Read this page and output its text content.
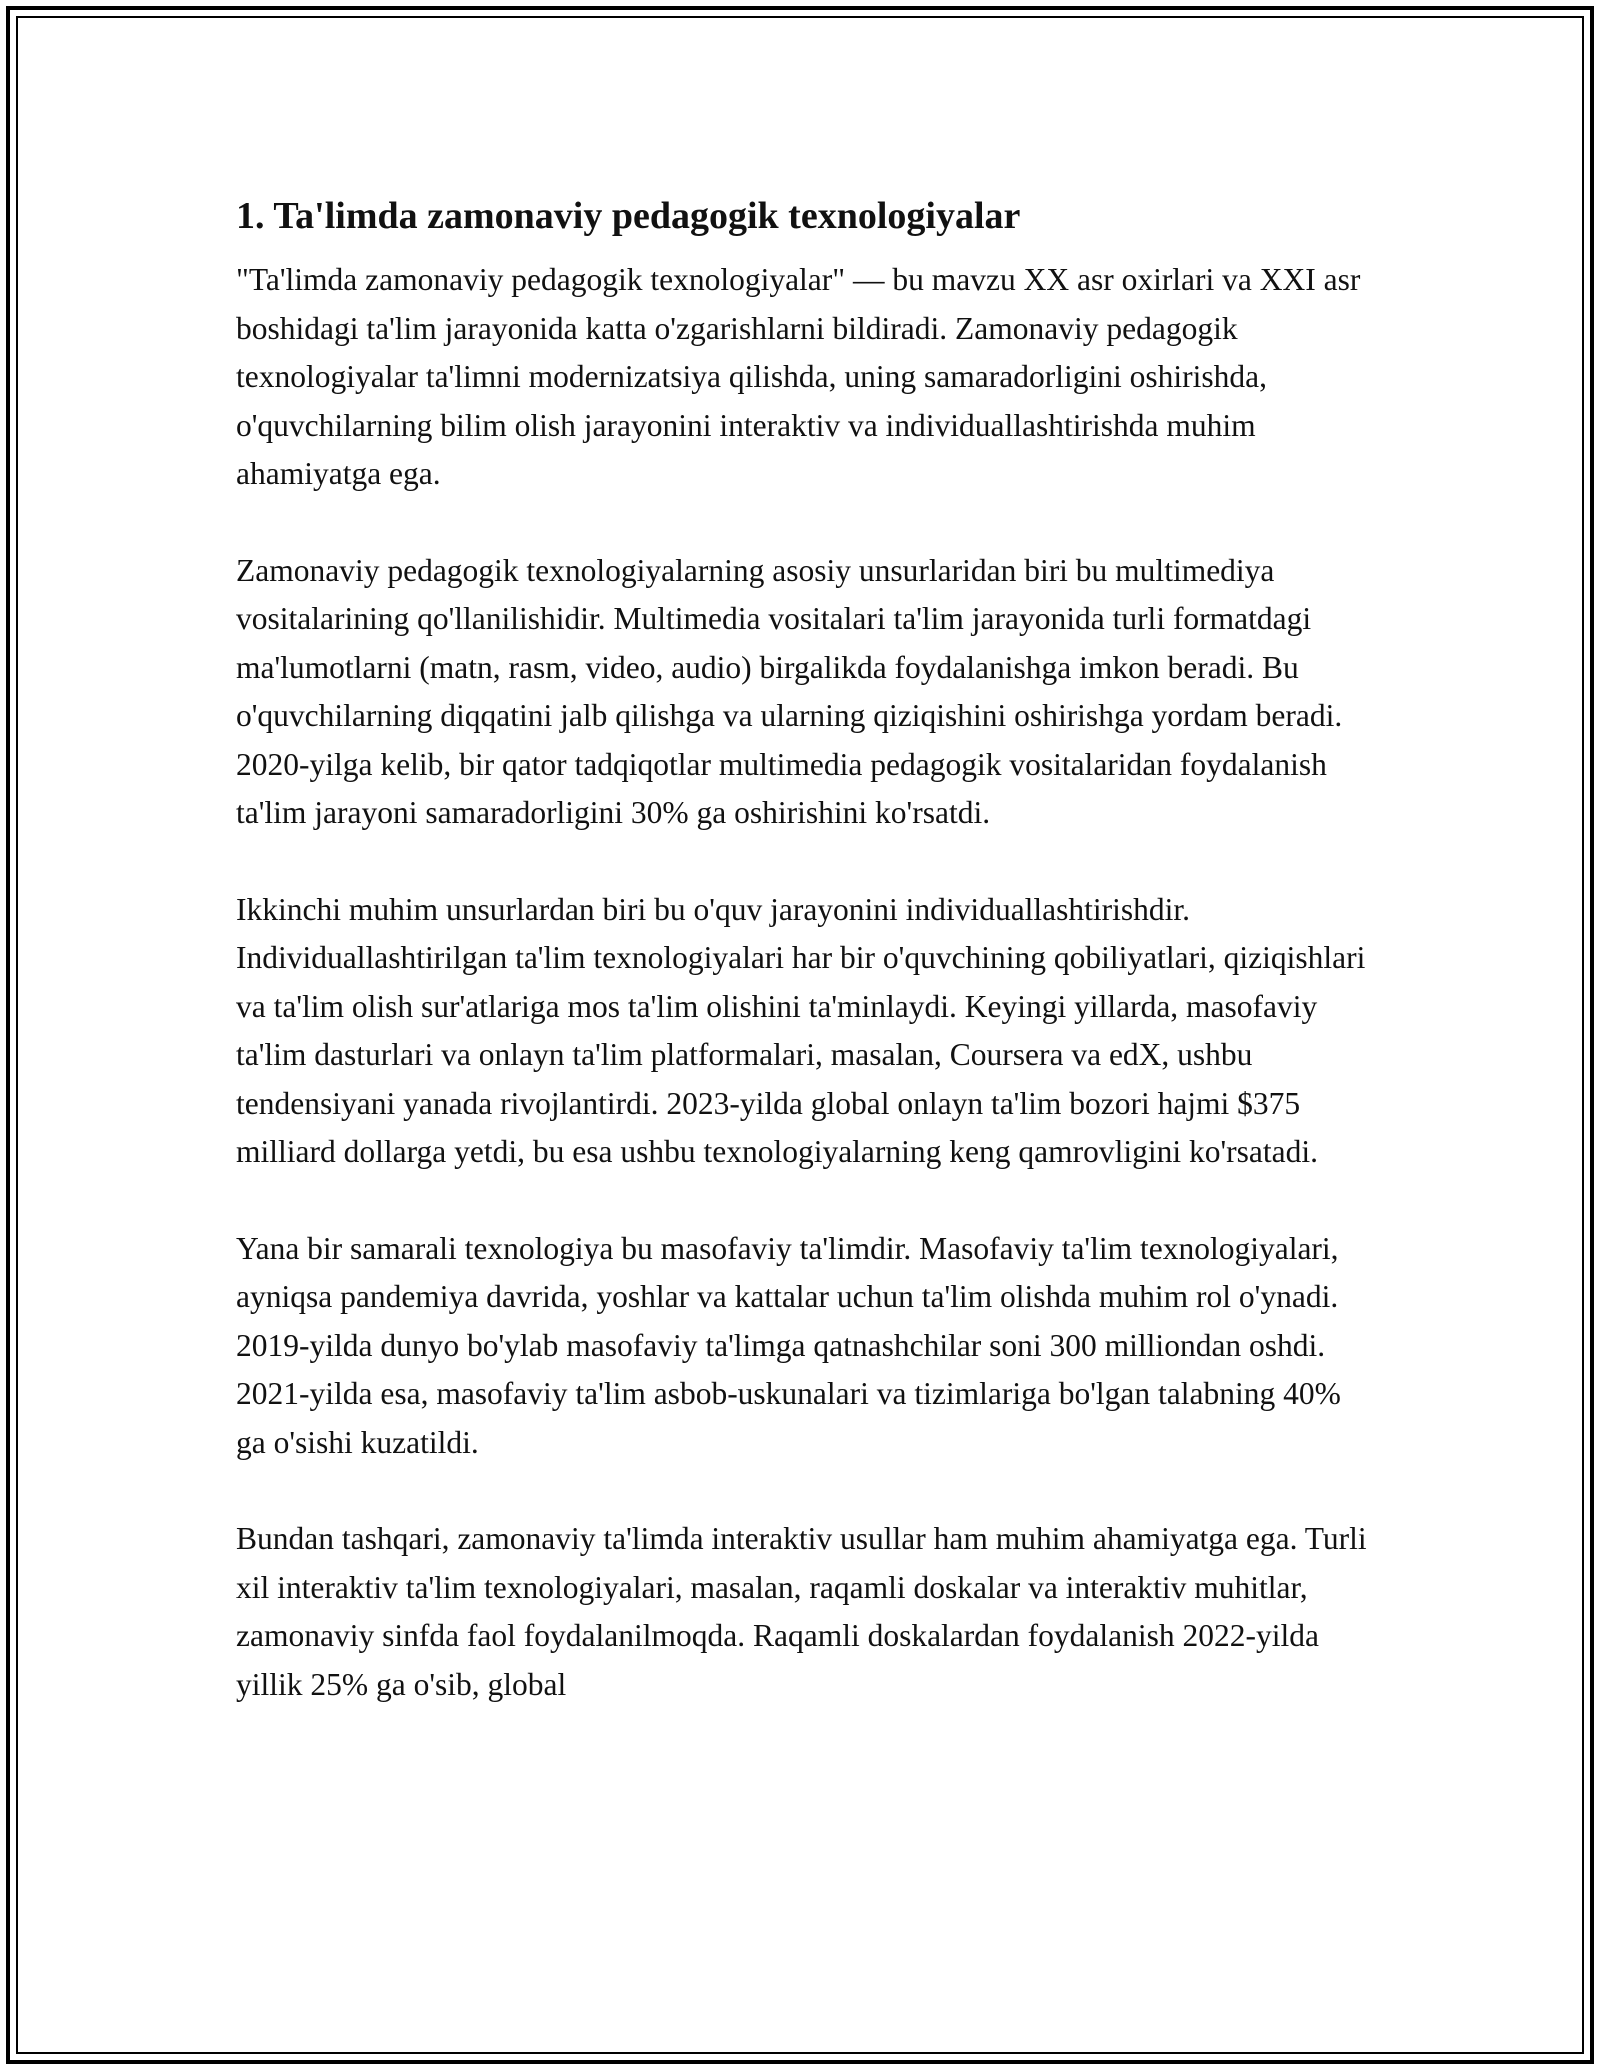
1. Ta'limda zamonaviy pedagogik texnologiyalar

"Ta'limda zamonaviy pedagogik texnologiyalar" — bu mavzu XX asr oxirlari va XXI asr boshidagi ta'lim jarayonida katta o'zgarishlarni bildiradi. Zamonaviy pedagogik texnologiyalar ta'limni modernizatsiya qilishda, uning samaradorligini oshirishda, o'quvchilarning bilim olish jarayonini interaktiv va individuallashtirishda muhim ahamiyatga ega.

Zamonaviy pedagogik texnologiyalarning asosiy unsurlaridan biri bu multimediya vositalarining qo'llanilishidir. Multimedia vositalari ta'lim jarayonida turli formatdagi ma'lumotlarni (matn, rasm, video, audio) birgalikda foydalanishga imkon beradi. Bu o'quvchilarning diqqatini jalb qilishga va ularning qiziqishini oshirishga yordam beradi. 2020-yilga kelib, bir qator tadqiqotlar multimedia pedagogik vositalaridan foydalanish ta'lim jarayoni samaradorligini 30% ga oshirishini ko'rsatdi.

Ikkinchi muhim unsurlardan biri bu o'quv jarayonini individuallashtirishdir. Individuallashtirilgan ta'lim texnologiyalari har bir o'quvchining qobiliyatlari, qiziqishlari va ta'lim olish sur'atlariga mos ta'lim olishini ta'minlaydi. Keyingi yillarda, masofaviy ta'lim dasturlari va onlayn ta'lim platformalari, masalan, Coursera va edX, ushbu tendensiyani yanada rivojlantirdi. 2023-yilda global onlayn ta'lim bozori hajmi $375 milliard dollarga yetdi, bu esa ushbu texnologiyalarning keng qamrovligini ko'rsatadi.

Yana bir samarali texnologiya bu masofaviy ta'limdir. Masofaviy ta'lim texnologiyalari, ayniqsa pandemiya davrida, yoshlar va kattalar uchun ta'lim olishda muhim rol o'ynadi. 2019-yilda dunyo bo'ylab masofaviy ta'limga qatnashchilar soni 300 milliondan oshdi. 2021-yilda esa, masofaviy ta'lim asbob-uskunalari va tizimlariga bo'lgan talabning 40% ga o'sishi kuzatildi.

Bundan tashqari, zamonaviy ta'limda interaktiv usullar ham muhim ahamiyatga ega. Turli xil interaktiv ta'lim texnologiyalari, masalan, raqamli doskalar va interaktiv muhitlar, zamonaviy sinfda faol foydalanilmoqda. Raqamli doskalardan foydalanish 2022-yilda yillik 25% ga o'sib, global
